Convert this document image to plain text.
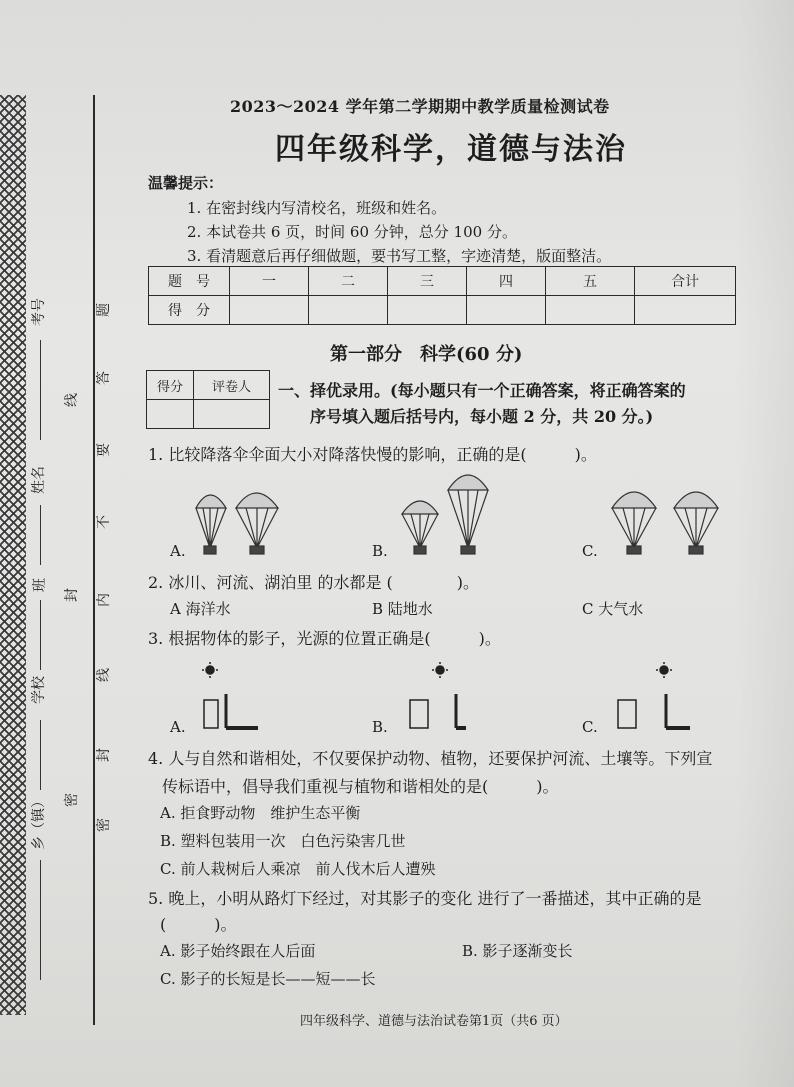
考号
姓名
班
学校
乡（镇）
题
答
要
不
内
线
封
密
线
封
密
2023～2024 学年第二学期期中教学质量检测试卷
四年级科学，道德与法治
温馨提示：
1. 在密封线内写清校名，班级和姓名。
2. 本试卷共 6 页，时间 60 分钟，总分 100 分。
3. 看清题意后再仔细做题，要书写工整，字迹清楚，版面整洁。
题　号	一	二	三	四	五	合计
得　分						
第一部分　科学(60 分)
得分	评卷人
	一、择优录用。(每小题只有一个正确答案，将正确答案的
序号填入题后括号内，每小题 2 分，共 20 分。)
1. 比较降落伞伞面大小对降落快慢的影响，正确的是(　　　)。
A.	B.	C.
2. 冰川、河流、湖泊里 的水都是 (　　　　)。
A 海洋水	B 陆地水	C 大气水
3. 根据物体的影子，光源的位置正确是(　　　)。
A.	B.	C.
4. 人与自然和谐相处，不仅要保护动物、植物，还要保护河流、土壤等。下列宣
传标语中，倡导我们重视与植物和谐相处的是(　　　)。
A. 拒食野动物　维护生态平衡
B. 塑料包装用一次　白色污染害几世
C. 前人栽树后人乘凉　前人伐木后人遭殃
5. 晚上，小明从路灯下经过，对其影子的变化 进行了一番描述，其中正确的是
(　　　)。
A. 影子始终跟在人后面	B. 影子逐渐变长
C. 影子的长短是长——短——长
四年级科学、道德与法治试卷第1页（共6 页）
